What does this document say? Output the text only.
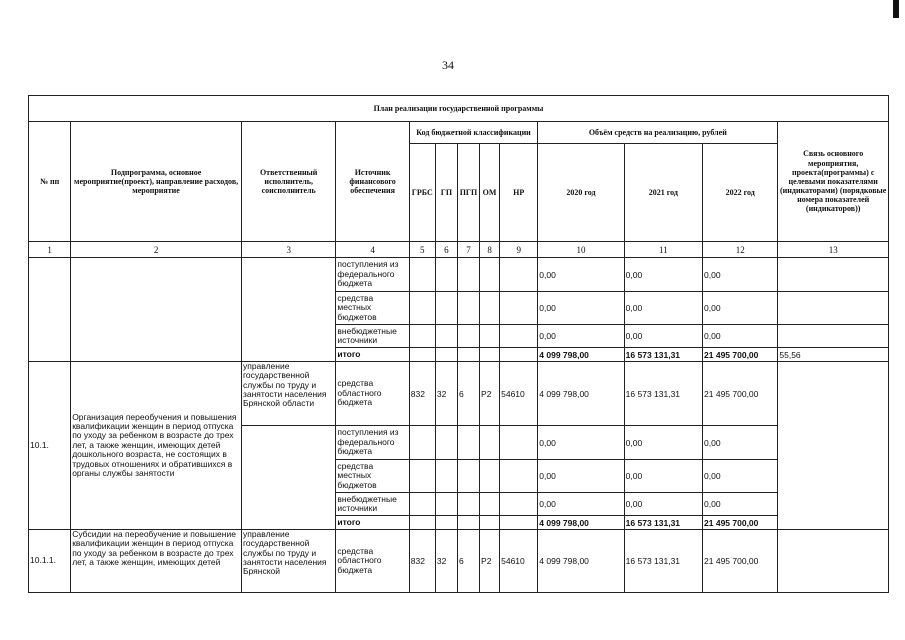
34
План реализации государственной программы												
№ пп	Подпрограмма, основное мероприятие(проект), направление расходов, мероприятие	Ответственный исполнитель, соисполнитель	Источник финансового обеспечения	Код бюджетной классификации					Объём средств на реализацию, рублей			Связь основного мероприятия, проекта(программы) с целевыми показателями (индикаторами) (порядковые номера показателей (индикаторов))
				ГРБС	ГП	ПГП	ОМ	НР	2020 год	2021 год	2022 год	
1	2	3	4	5	6	7	8	9	10	11	12	13
			поступления из федерального бюджета						0,00	0,00	0,00	
			средства местных бюджетов						0,00	0,00	0,00	
			внебюджетные источники						0,00	0,00	0,00	
			итого						4 099 798,00	16 573 131,31	21 495 700,00	55,56
10.1.	Организация переобучения и повышения квалификации женщин в период отпуска по уходу за ребенком в возрасте до трех лет, а также женщин, имеющих детей дошкольного возраста, не состоящих в трудовых отношениях и обратившихся в органы службы занятости	управление государственной службы по труду и занятости населения Брянской области	средства областного бюджета	832	32	6	P2	54610	4 099 798,00	16 573 131,31	21 495 700,00	
			поступления из федерального бюджета						0,00	0,00	0,00	
			средства местных бюджетов						0,00	0,00	0,00	
			внебюджетные источники						0,00	0,00	0,00	
			итого						4 099 798,00	16 573 131,31	21 495 700,00	
10.1.1.	Субсидии на переобучение и повышение квалификации женщин в период отпуска по уходу за ребенком в возрасте до трех лет, а также женщин, имеющих детей	управление государственной службы по труду и занятости населения Брянской	средства областного бюджета	832	32	6	P2	54610	4 099 798,00	16 573 131,31	21 495 700,00	
